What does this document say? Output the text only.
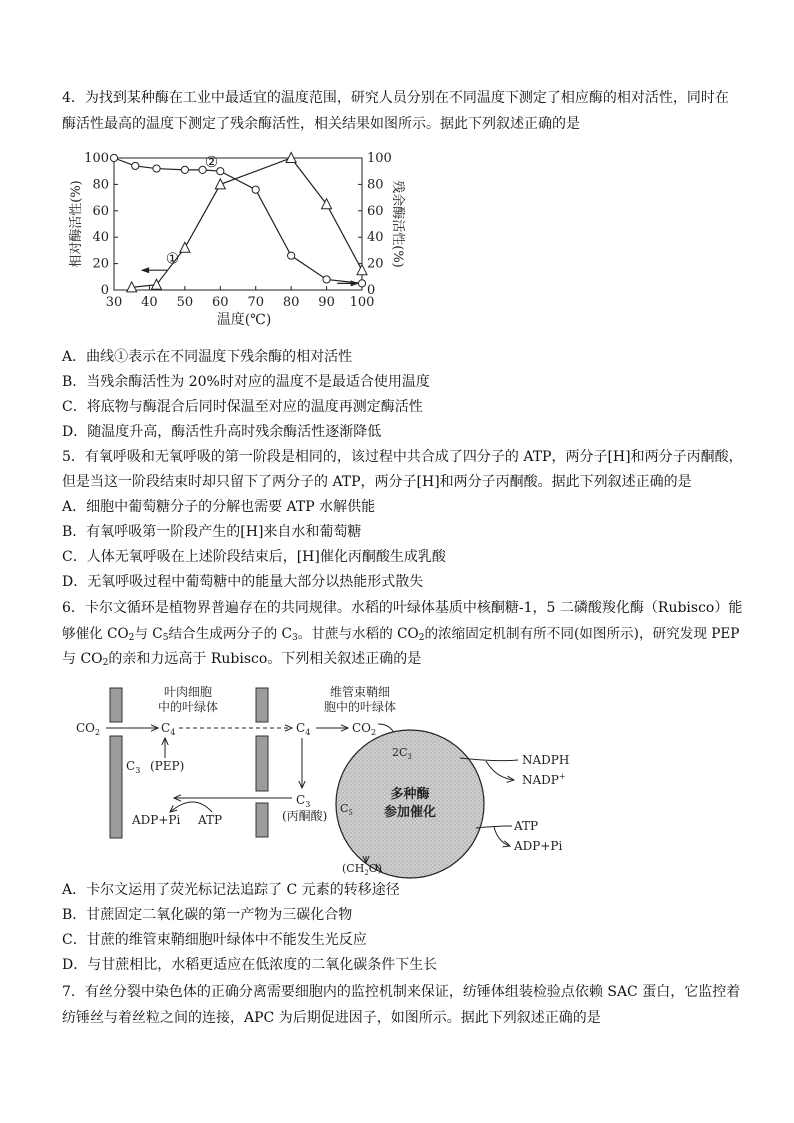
4．为找到某种酶在工业中最适宜的温度范围，研究人员分别在不同温度下测定了相应酶的相对活性，同时在
酶活性最高的温度下测定了残余酶活性，相关结果如图所示。据此下列叙述正确的是
30 40 50 60 70 80 90 100
0	0
20	20
40	40
60	60
80	80
100	100
温度(℃)
相对酶活性(%)	残余酶活性(%)
①
②
A．曲线①表示在不同温度下残余酶的相对活性
B．当残余酶活性为 20%时对应的温度不是最适合使用温度
C．将底物与酶混合后同时保温至对应的温度再测定酶活性
D．随温度升高，酶活性升高时残余酶活性逐渐降低
5．有氧呼吸和无氧呼吸的第一阶段是相同的，该过程中共合成了四分子的 ATP，两分子[H]和两分子丙酮酸，
但是当这一阶段结束时却只留下了两分子的 ATP，两分子[H]和两分子丙酮酸。据此下列叙述正确的是
A．细胞中葡萄糖分子的分解也需要 ATP 水解供能
B．有氧呼吸第一阶段产生的[H]来自水和葡萄糖
C．人体无氧呼吸在上述阶段结束后，[H]催化丙酮酸生成乳酸
D．无氧呼吸过程中葡萄糖中的能量大部分以热能形式散失
6．卡尔文循环是植物界普遍存在的共同规律。水稻的叶绿体基质中核酮糖-1，5 二磷酸羧化酶（Rubisco）能
够催化 $CO_2$与 $C_5$结合生成两分子的 $C_3$。甘蔗与水稻的 $CO_2$的浓缩固定机制有所不同(如图所示)，研究发现 PEP
与 $CO_2$的亲和力远高于 Rubisco。下列相关叙述正确的是
叶肉细胞
中的叶绿体
维管束鞘细
胞中的叶绿体
$CO_2$	$C_4$
$C_3$ (PEP)
$C_4$	$CO_2$
$C_3$
(丙酮酸)
ATP
ADP+Pi
多种酶
参加催化
$2C_3$
$C_5$
NADPH
NADP+
ATP
ADP+Pi
$(CH_2O)$
A．卡尔文运用了荧光标记法追踪了 C 元素的转移途径
B．甘蔗固定二氧化碳的第一产物为三碳化合物
C．甘蔗的维管束鞘细胞叶绿体中不能发生光反应
D．与甘蔗相比，水稻更适应在低浓度的二氧化碳条件下生长
7．有丝分裂中染色体的正确分离需要细胞内的监控机制来保证，纺锤体组装检验点依赖 SAC 蛋白，它监控着
纺锤丝与着丝粒之间的连接，APC 为后期促进因子，如图所示。据此下列叙述正确的是
